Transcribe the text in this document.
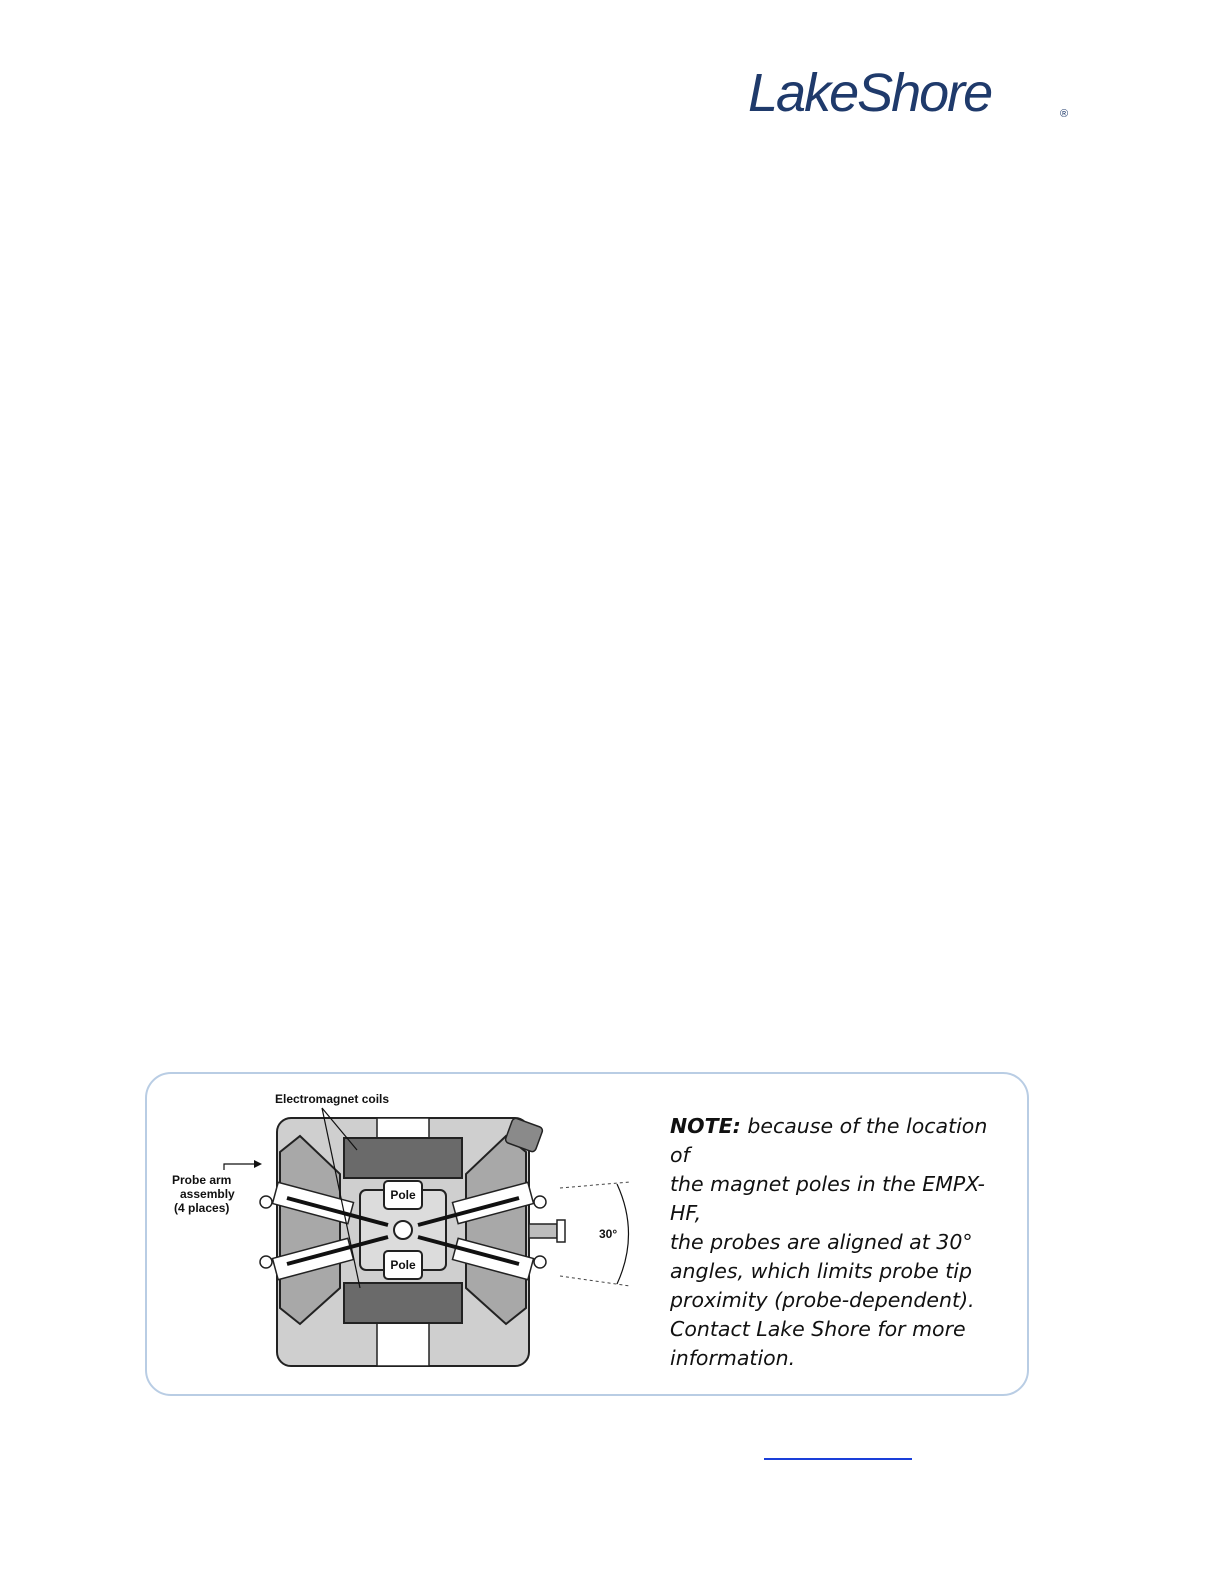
LakeShore	®
Pole
Pole
Electromagnet coils
Probe arm
assembly
(4 places)
30°
NOTE: because of the location of
the magnet poles in the EMPX-HF,
the probes are aligned at 30°
angles, which limits probe tip
proximity (probe-dependent).
Contact Lake Shore for more
information.
